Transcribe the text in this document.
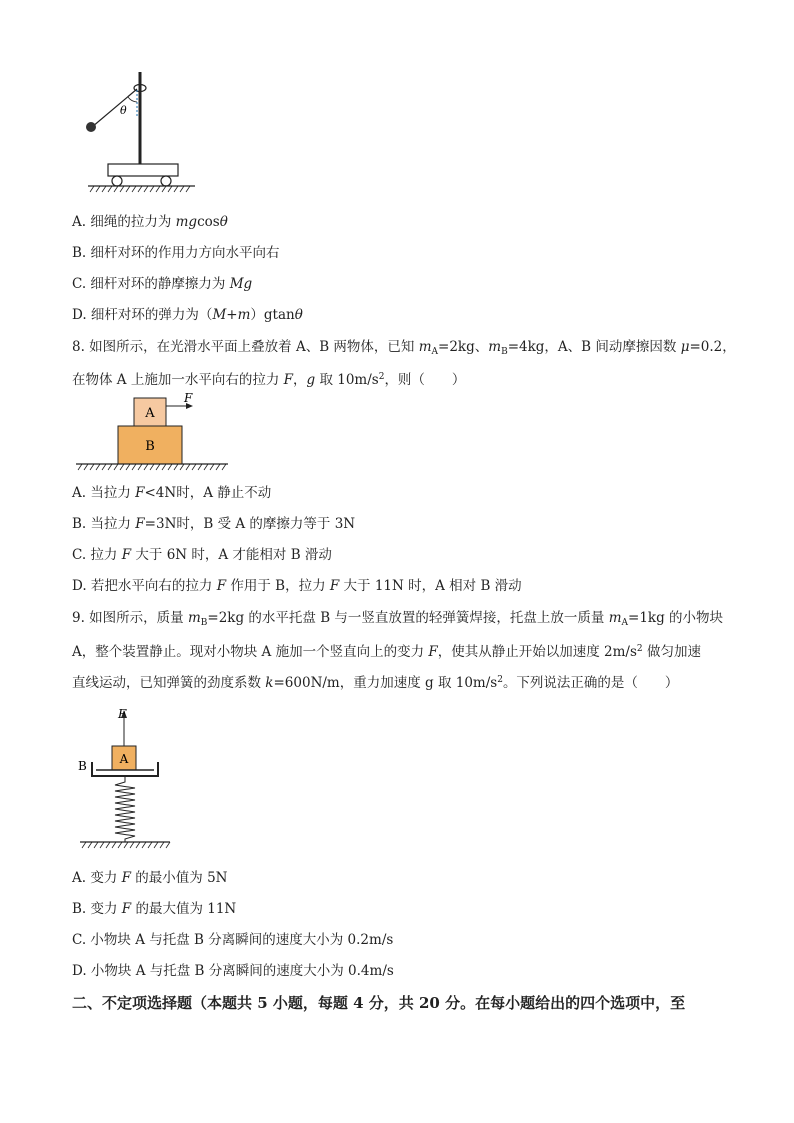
θ
A. 细绳的拉力为 mgcosθ
B. 细杆对环的作用力方向水平向右
C. 细杆对环的静摩擦力为 Mg
D. 细杆对环的弹力为（M+m）gtanθ
8. 如图所示，在光滑水平面上叠放着 A、B 两物体，已知 $m_A=2kg$、$m_B=4kg$，A、B 间动摩擦因数 μ=0.2，
在物体 A 上施加一水平向右的拉力 F，g 取 $10m/s^2$，则（　　）
A
B
F
A. 当拉力 F<4N时，A 静止不动
B. 当拉力 F=3N时，B 受 A 的摩擦力等于 3N
C. 拉力 F 大于 6N 时，A 才能相对 B 滑动
D. 若把水平向右的拉力 F 作用于 B，拉力 F 大于 11N 时，A 相对 B 滑动
9. 如图所示，质量 $m_B=2kg$ 的水平托盘 B 与一竖直放置的轻弹簧焊接，托盘上放一质量 $m_A=1kg$ 的小物块
A，整个装置静止。现对小物块 A 施加一个竖直向上的变力 F，使其从静止开始以加速度 $2m/s^2$ 做匀加速
直线运动，已知弹簧的劲度系数 k=600N/m，重力加速度 g 取 $10m/s^2$。下列说法正确的是（　　）
F
A
B
A. 变力 F 的最小值为 5N
B. 变力 F 的最大值为 11N
C. 小物块 A 与托盘 B 分离瞬间的速度大小为 0.2m/s
D. 小物块 A 与托盘 B 分离瞬间的速度大小为 0.4m/s
二、不定项选择题（本题共 5 小题，每题 4 分，共 20 分。在每小题给出的四个选项中，至
